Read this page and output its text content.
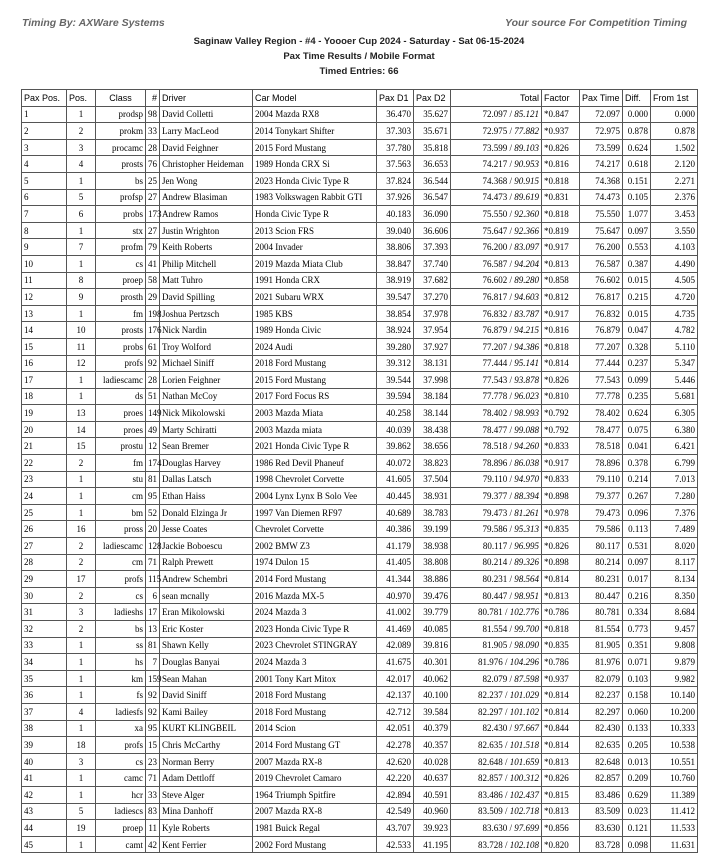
Timing By: AXWare Systems	Your source For Competition Timing
Saginaw Valley Region - #4 - Yoooer Cup 2024 - Saturday - Sat 06-15-2024
Pax Time Results / Mobile Format
Timed Entries: 66
Pax Pos.	Pos.	Class	#	Driver	Car Model	Pax D1	Pax D2	Total	Factor	Pax Time	Diff.	From 1st
1	1	prodsp	98	David Colletti	2004 Mazda RX8	36.470	35.627	72.097 / 85.121	*0.847	72.097	0.000	0.000
2	2	prokm	33	Larry MacLeod	2014 Tonykart Shifter	37.303	35.671	72.975 / 77.882	*0.937	72.975	0.878	0.878
3	3	procamc	28	David Feighner	2015 Ford Mustang	37.780	35.818	73.599 / 89.103	*0.826	73.599	0.624	1.502
4	4	prosts	76	Christopher Heideman	1989 Honda CRX Si	37.563	36.653	74.217 / 90.953	*0.816	74.217	0.618	2.120
5	1	bs	25	Jen Wong	2023 Honda Civic Type R	37.824	36.544	74.368 / 90.915	*0.818	74.368	0.151	2.271
6	5	profsp	27	Andrew Blasiman	1983 Volkswagen Rabbit GTI	37.926	36.547	74.473 / 89.619	*0.831	74.473	0.105	2.376
7	6	probs	173	Andrew Ramos	Honda Civic Type R	40.183	36.090	75.550 / 92.360	*0.818	75.550	1.077	3.453
8	1	stx	27	Justin Wrighton	2013 Scion FRS	39.040	36.606	75.647 / 92.366	*0.819	75.647	0.097	3.550
9	7	profm	79	Keith Roberts	2004 Invader	38.806	37.393	76.200 / 83.097	*0.917	76.200	0.553	4.103
10	1	cs	41	Philip Mitchell	2019 Mazda Miata Club	38.847	37.740	76.587 / 94.204	*0.813	76.587	0.387	4.490
11	8	proep	58	Matt Tuhro	1991 Honda CRX	38.919	37.682	76.602 / 89.280	*0.858	76.602	0.015	4.505
12	9	prosth	29	David Spilling	2021 Subaru WRX	39.547	37.270	76.817 / 94.603	*0.812	76.817	0.215	4.720
13	1	fm	198	Joshua Pertzsch	1985 KBS	38.854	37.978	76.832 / 83.787	*0.917	76.832	0.015	4.735
14	10	prosts	176	Nick Nardin	1989 Honda Civic	38.924	37.954	76.879 / 94.215	*0.816	76.879	0.047	4.782
15	11	probs	61	Troy Wolford	2024 Audi	39.280	37.927	77.207 / 94.386	*0.818	77.207	0.328	5.110
16	12	profs	92	Michael Siniff	2018 Ford Mustang	39.312	38.131	77.444 / 95.141	*0.814	77.444	0.237	5.347
17	1	ladiescamc	28	Lorien Feighner	2015 Ford Mustang	39.544	37.998	77.543 / 93.878	*0.826	77.543	0.099	5.446
18	1	ds	51	Nathan McCoy	2017 Ford Focus RS	39.594	38.184	77.778 / 96.023	*0.810	77.778	0.235	5.681
19	13	proes	149	Nick Mikolowski	2003 Mazda Miata	40.258	38.144	78.402 / 98.993	*0.792	78.402	0.624	6.305
20	14	proes	49	Marty Schiratti	2003 Mazda miata	40.039	38.438	78.477 / 99.088	*0.792	78.477	0.075	6.380
21	15	prostu	12	Sean Bremer	2021 Honda Civic Type R	39.862	38.656	78.518 / 94.260	*0.833	78.518	0.041	6.421
22	2	fm	174	Douglas Harvey	1986 Red Devil Phaneuf	40.072	38.823	78.896 / 86.038	*0.917	78.896	0.378	6.799
23	1	stu	81	Dallas Latsch	1998 Chevrolet Corvette	41.605	37.504	79.110 / 94.970	*0.833	79.110	0.214	7.013
24	1	cm	95	Ethan Haiss	2004 Lynx Lynx B Solo Vee	40.445	38.931	79.377 / 88.394	*0.898	79.377	0.267	7.280
25	1	bm	52	Donald Elzinga Jr	1997 Van Diemen RF97	40.689	38.783	79.473 / 81.261	*0.978	79.473	0.096	7.376
26	16	pross	20	Jesse Coates	Chevrolet Corvette	40.386	39.199	79.586 / 95.313	*0.835	79.586	0.113	7.489
27	2	ladiescamc	128	Jackie Boboescu	2002 BMW Z3	41.179	38.938	80.117 / 96.995	*0.826	80.117	0.531	8.020
28	2	cm	71	Ralph Prewett	1974 Dulon 15	41.405	38.808	80.214 / 89.326	*0.898	80.214	0.097	8.117
29	17	profs	115	Andrew Schembri	2014 Ford Mustang	41.344	38.886	80.231 / 98.564	*0.814	80.231	0.017	8.134
30	2	cs	6	sean mcnally	2016 Mazda MX-5	40.970	39.476	80.447 / 98.951	*0.813	80.447	0.216	8.350
31	3	ladieshs	17	Eran Mikolowski	2024 Mazda 3	41.002	39.779	80.781 / 102.776	*0.786	80.781	0.334	8.684
32	2	bs	13	Eric Koster	2023 Honda Civic Type R	41.469	40.085	81.554 / 99.700	*0.818	81.554	0.773	9.457
33	1	ss	81	Shawn Kelly	2023 Chevrolet STINGRAY	42.089	39.816	81.905 / 98.090	*0.835	81.905	0.351	9.808
34	1	hs	7	Douglas Banyai	2024 Mazda 3	41.675	40.301	81.976 / 104.296	*0.786	81.976	0.071	9.879
35	1	km	159	Sean Mahan	2001 Tony Kart Mitox	42.017	40.062	82.079 / 87.598	*0.937	82.079	0.103	9.982
36	1	fs	92	David Siniff	2018 Ford Mustang	42.137	40.100	82.237 / 101.029	*0.814	82.237	0.158	10.140
37	4	ladiesfs	92	Kami Bailey	2018 Ford Mustang	42.712	39.584	82.297 / 101.102	*0.814	82.297	0.060	10.200
38	1	xa	95	KURT KLINGBEIL	2014 Scion	42.051	40.379	82.430 / 97.667	*0.844	82.430	0.133	10.333
39	18	profs	15	Chris McCarthy	2014 Ford Mustang GT	42.278	40.357	82.635 / 101.518	*0.814	82.635	0.205	10.538
40	3	cs	23	Norman Berry	2007 Mazda RX-8	42.620	40.028	82.648 / 101.659	*0.813	82.648	0.013	10.551
41	1	camc	71	Adam Dettloff	2019 Chevrolet Camaro	42.220	40.637	82.857 / 100.312	*0.826	82.857	0.209	10.760
42	1	hcr	33	Steve Alger	1964 Triumph Spitfire	42.894	40.591	83.486 / 102.437	*0.815	83.486	0.629	11.389
43	5	ladiescs	83	Mina Danhoff	2007 Mazda RX-8	42.549	40.960	83.509 / 102.718	*0.813	83.509	0.023	11.412
44	19	proep	11	Kyle Roberts	1981 Buick Regal	43.707	39.923	83.630 / 97.699	*0.856	83.630	0.121	11.533
45	1	camt	42	Kent Ferrier	2002 Ford Mustang	42.533	41.195	83.728 / 102.108	*0.820	83.728	0.098	11.631
